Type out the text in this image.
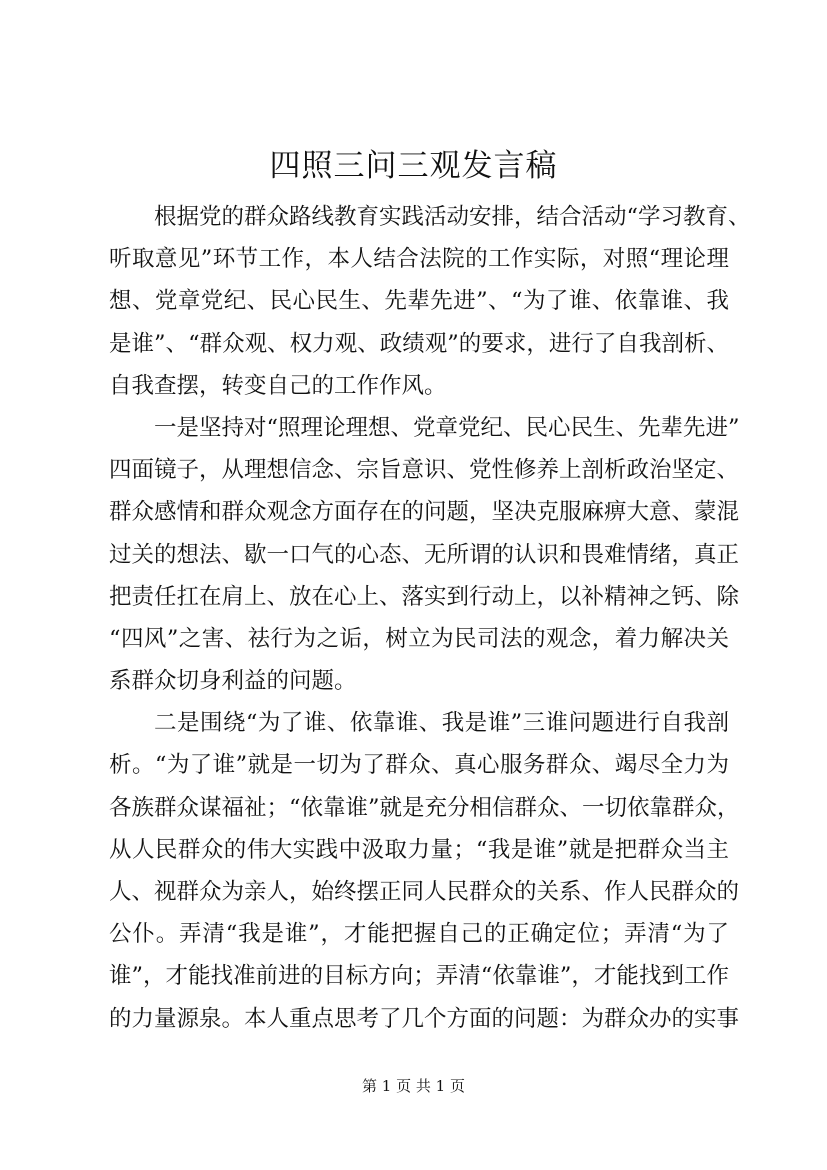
四照三问三观发言稿
根据党的群众路线教育实践活动安排，结合活动“学习教育、
听取意见”环节工作，本人结合法院的工作实际，对照“理论理
想、党章党纪、民心民生、先辈先进”、“为了谁、依靠谁、我
是谁”、“群众观、权力观、政绩观”的要求，进行了自我剖析、
自我查摆，转变自己的工作作风。
一是坚持对“照理论理想、党章党纪、民心民生、先辈先进”
四面镜子，从理想信念、宗旨意识、党性修养上剖析政治坚定、
群众感情和群众观念方面存在的问题，坚决克服麻痹大意、蒙混
过关的想法、歇一口气的心态、无所谓的认识和畏难情绪，真正
把责任扛在肩上、放在心上、落实到行动上，以补精神之钙、除
“四风”之害、祛行为之诟，树立为民司法的观念，着力解决关
系群众切身利益的问题。
二是围绕“为了谁、依靠谁、我是谁”三谁问题进行自我剖
析。“为了谁”就是一切为了群众、真心服务群众、竭尽全力为
各族群众谋福祉；“依靠谁”就是充分相信群众、一切依靠群众，
从人民群众的伟大实践中汲取力量；“我是谁”就是把群众当主
人、视群众为亲人，始终摆正同人民群众的关系、作人民群众的
公仆。弄清“我是谁”，才能把握自己的正确定位；弄清“为了
谁”，才能找准前进的目标方向；弄清“依靠谁”，才能找到工作
的力量源泉。本人重点思考了几个方面的问题：为群众办的实事
第 1 页 共 1 页
